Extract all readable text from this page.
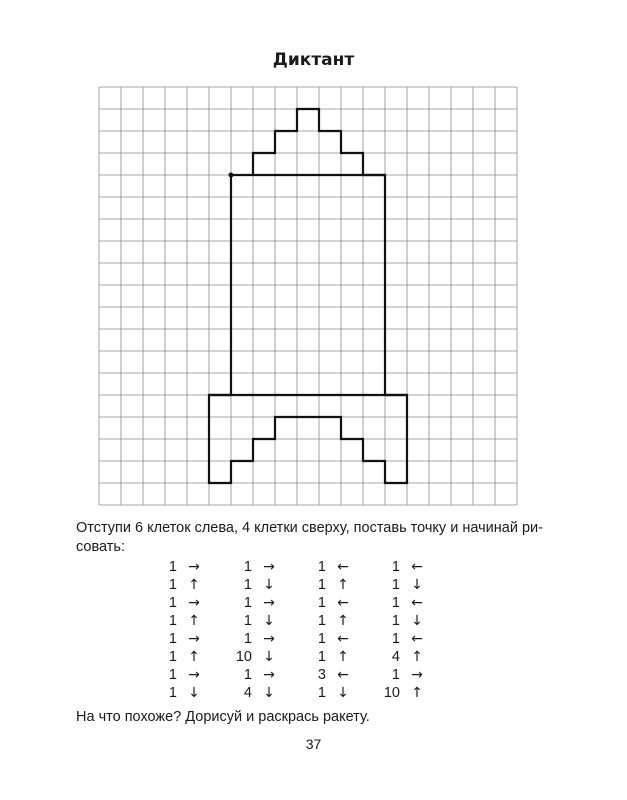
Диктант
Отступи 6 клеток слева, 4 клетки сверху, поставь точку и начинай ри- совать:
1 →
1 ↑
1 →
1 ↑
1 →
1 ↑
1 →
1 ↓
1 →
1 ↓
1 →
1 ↓
1 →
10 ↓
1 →
4 ↓
1 ←
1 ↑
1 ←
1 ↑
1 ←
1 ↑
3 ←
1 ↓
1 ←
1 ↓
1 ←
1 ↓
1 ←
4 ↑
1 →
10 ↑
На что похоже? Дорисуй и раскрась ракету.
37
